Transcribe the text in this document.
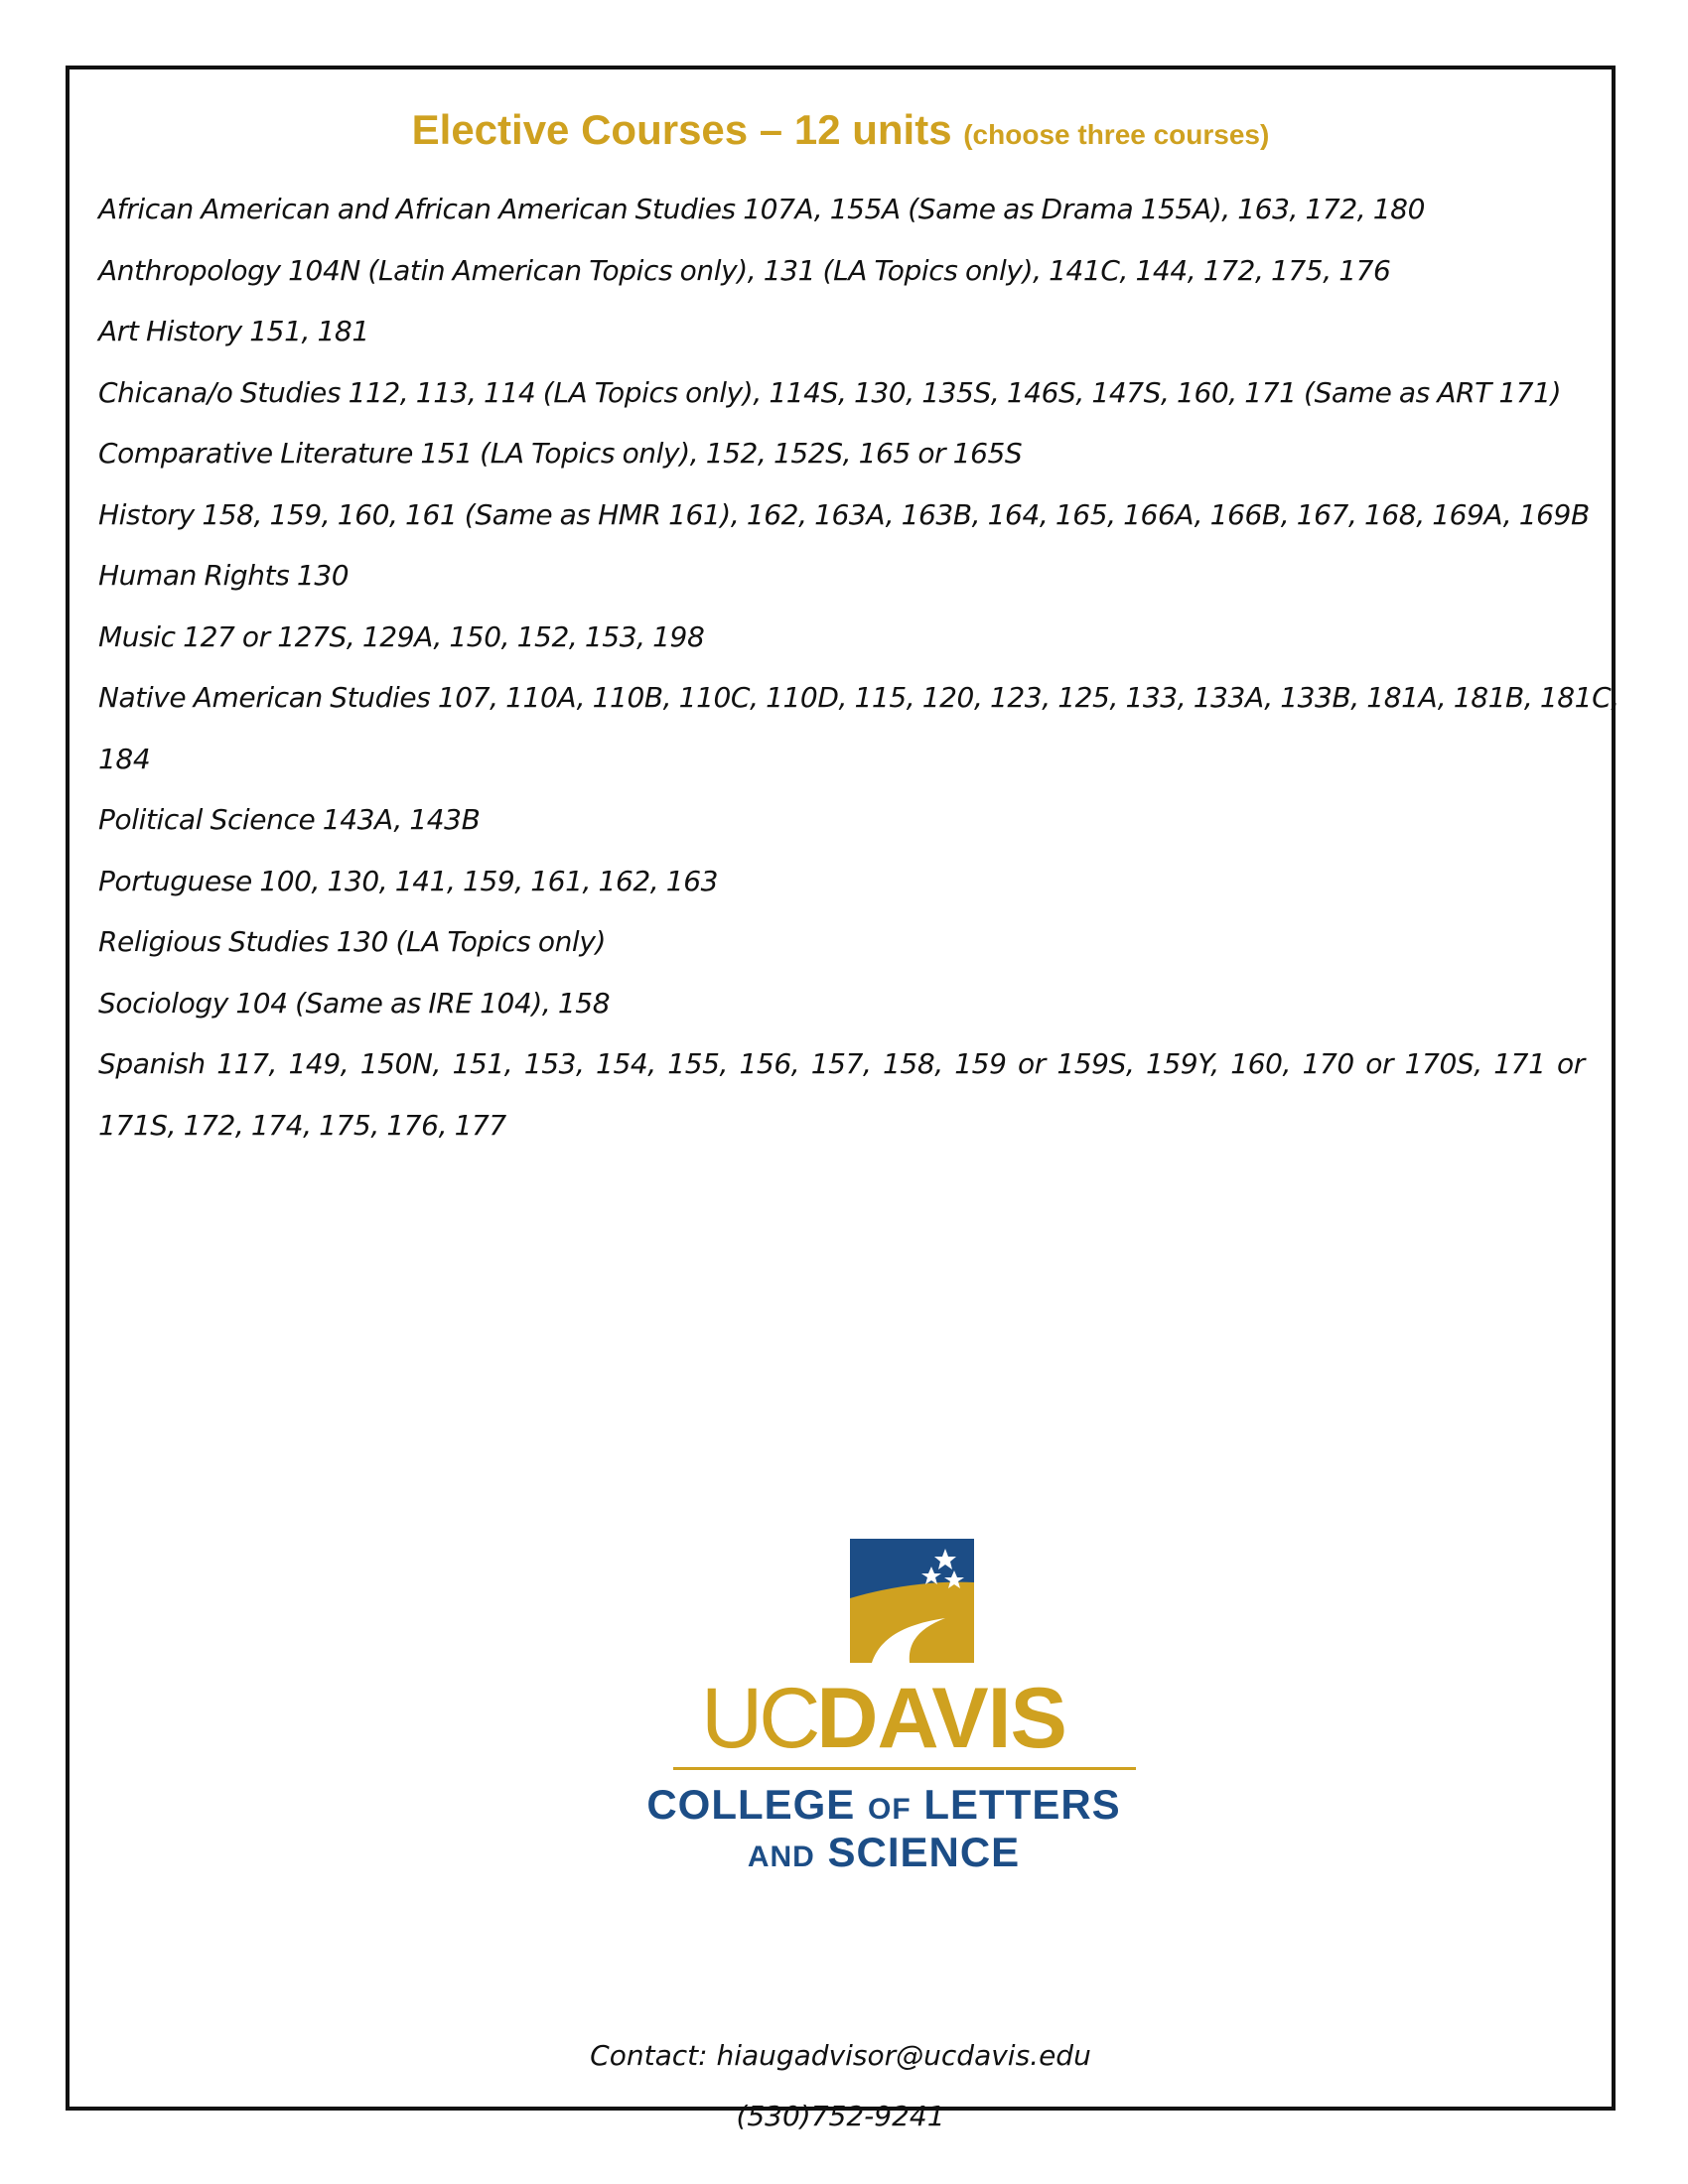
Elective Courses – 12 units (choose three courses)
African American and African American Studies 107A, 155A (Same as Drama 155A), 163, 172, 180
Anthropology 104N (Latin American Topics only), 131 (LA Topics only), 141C, 144, 172, 175, 176
Art History 151, 181
Chicana/o Studies 112, 113, 114 (LA Topics only), 114S, 130, 135S, 146S, 147S, 160, 171 (Same as ART 171)
Comparative Literature 151 (LA Topics only), 152, 152S, 165 or 165S
History 158, 159, 160, 161 (Same as HMR 161), 162, 163A, 163B, 164, 165, 166A, 166B, 167, 168, 169A, 169B
Human Rights 130
Music 127 or 127S, 129A, 150, 152, 153, 198
Native American Studies 107, 110A, 110B, 110C, 110D, 115, 120, 123, 125, 133, 133A, 133B, 181A, 181B, 181C,
184
Political Science 143A, 143B
Portuguese 100, 130, 141, 159, 161, 162, 163
Religious Studies 130 (LA Topics only)
Sociology 104 (Same as IRE 104), 158
Spanish 117, 149, 150N, 151, 153, 154, 155, 156, 157, 158, 159 or 159S, 159Y, 160, 170 or 170S, 171 or
171S, 172, 174, 175, 176, 177
UCDAVIS
COLLEGE OF LETTERS
AND SCIENCE
Contact: hiaugadvisor@ucdavis.edu
(530)752-9241
